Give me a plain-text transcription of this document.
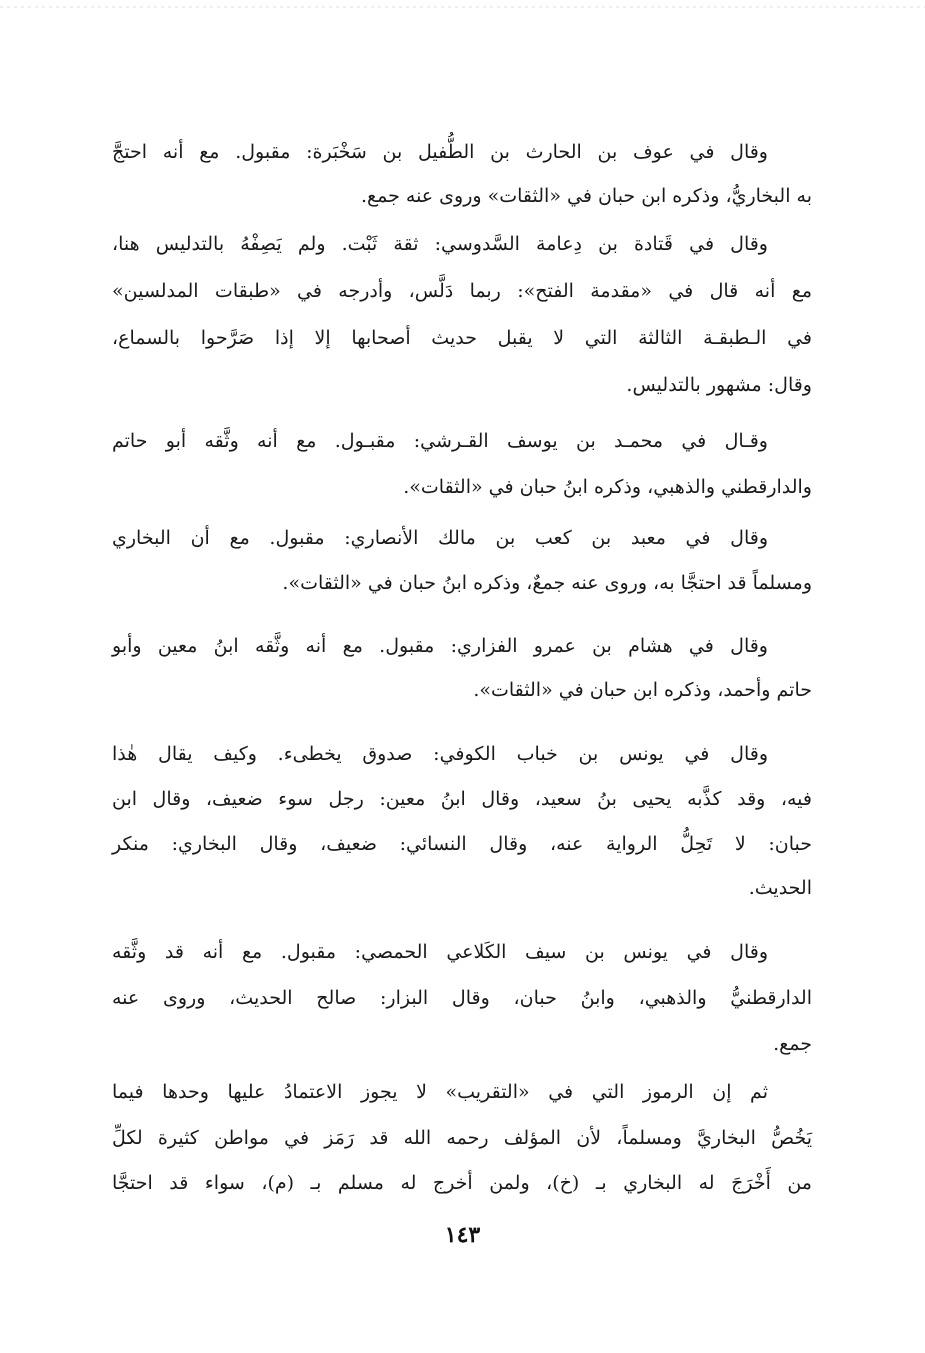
وقال في عوف بن الحارث بن الطُّفيل بن سَخْبَرة: مقبول. مع أنه احتجَّ
به البخاريُّ، وذكره ابن حبان في «الثقات» وروى عنه جمع.
وقال في قَتادة بن دِعامة السَّدوسي: ثقة ثَبْت. ولم يَصِفْهُ بالتدليس هنا،
مع أنه قال في «مقدمة الفتح»: ربما دَلَّس، وأدرجه في «طبقات المدلسين»
في الـطبقـة الثالثة التي لا يقبل حديث أصحابها إلا إذا صَرَّحوا بالسماع،
وقال: مشهور بالتدليس.
وقـال في محمـد بن يوسف القـرشي: مقبـول. مع أنه وثَّقه أبو حاتم
والدارقطني والذهبي، وذكره ابنُ حبان في «الثقات».
وقال في معبد بن كعب بن مالك الأنصاري: مقبول. مع أن البخاري
ومسلماً قد احتجَّا به، وروى عنه جمعٌ، وذكره ابنُ حبان في «الثقات».
وقال في هشام بن عمرو الفزاري: مقبول. مع أنه وثَّقه ابنُ معين وأبو
حاتم وأحمد، وذكره ابن حبان في «الثقات».
وقال في يونس بن خباب الكوفي: صدوق يخطىء. وكيف يقال هٰذا
فيه، وقد كذَّبه يحيى بنُ سعيد، وقال ابنُ معين: رجل سوء ضعيف، وقال ابن
حبان: لا تَحِلُّ الرواية عنه، وقال النسائي: ضعيف، وقال البخاري: منكر
الحديث.
وقال في يونس بن سيف الكَلاعي الحمصي: مقبول. مع أنه قد وثَّقه
الدارقطنيُّ والذهبي، وابنُ حبان، وقال البزار: صالح الحديث، وروى عنه
جمع.
ثم إن الرموز التي في «التقريب» لا يجوز الاعتمادُ عليها وحدها فيما
يَخُصُّ البخاريَّ ومسلماً، لأن المؤلف رحمه الله قد رَمَز في مواطن كثيرة لكلِّ
من أَخْرَجَ له البخاري بـ (خ)، ولمن أخرج له مسلم بـ (م)، سواء قد احتجَّا
١٤٣
